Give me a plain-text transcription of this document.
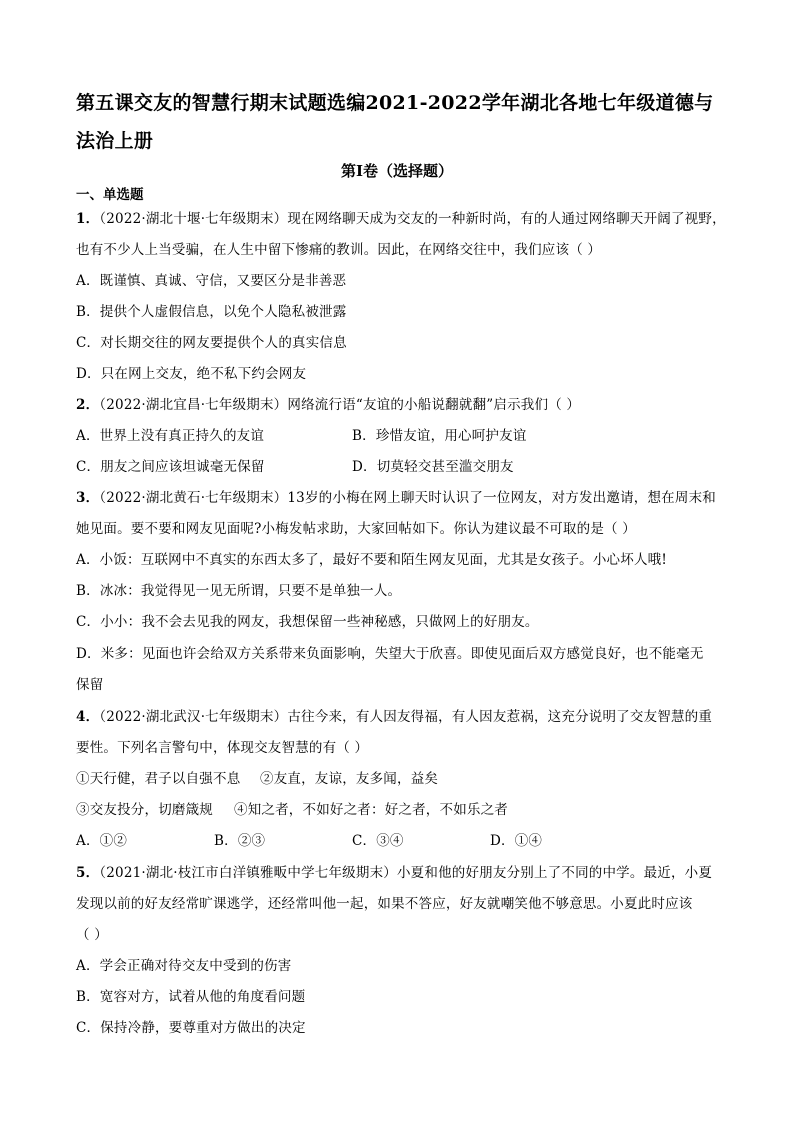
第五课交友的智慧行期末试题选编2021-2022学年湖北各地七年级道德与
法治上册
第I卷（选择题）
一、单选题
1．（2022·湖北十堰·七年级期末）现在网络聊天成为交友的一种新时尚，有的人通过网络聊天开阔了视野，
也有不少人上当受骗，在人生中留下惨痛的教训。因此，在网络交往中，我们应该（ ）
A．既谨慎、真诚、守信，又要区分是非善恶
B．提供个人虚假信息，以免个人隐私被泄露
C．对长期交往的网友要提供个人的真实信息
D．只在网上交友，绝不私下约会网友
2．（2022·湖北宜昌·七年级期末）网络流行语“友谊的小船说翻就翻”启示我们（ ）
A．世界上没有真正持久的友谊	B．珍惜友谊，用心呵护友谊
C．朋友之间应该坦诚毫无保留	D．切莫轻交甚至滥交朋友
3．（2022·湖北黄石·七年级期末）13岁的小梅在网上聊天时认识了一位网友，对方发出邀请，想在周末和
她见面。要不要和网友见面呢?小梅发帖求助，大家回帖如下。你认为建议最不可取的是（ ）
A．小饭：互联网中不真实的东西太多了，最好不要和陌生网友见面，尤其是女孩子。小心坏人哦!
B．冰冰：我觉得见一见无所谓，只要不是单独一人。
C．小小：我不会去见我的网友，我想保留一些神秘感，只做网上的好朋友。
D．米多：见面也许会给双方关系带来负面影响，失望大于欣喜。即使见面后双方感觉良好，也不能毫无
保留
4．（2022·湖北武汉·七年级期末）古往今来，有人因友得福，有人因友惹祸，这充分说明了交友智慧的重
要性。下列名言警句中，体现交友智慧的有（ ）
①天行健，君子以自强不息 ②友直，友谅，友多闻，益矣
③交友投分，切磨箴规 ④知之者，不如好之者：好之者，不如乐之者
A．①②	B．②③	C．③④	D．①④
5．（2021·湖北·枝江市白洋镇雅畈中学七年级期末）小夏和他的好朋友分别上了不同的中学。最近，小夏
发现以前的好友经常旷课逃学，还经常叫他一起，如果不答应，好友就嘲笑他不够意思。小夏此时应该
（ ）
A．学会正确对待交友中受到的伤害
B．宽容对方，试着从他的角度看问题
C．保持冷静，要尊重对方做出的决定
